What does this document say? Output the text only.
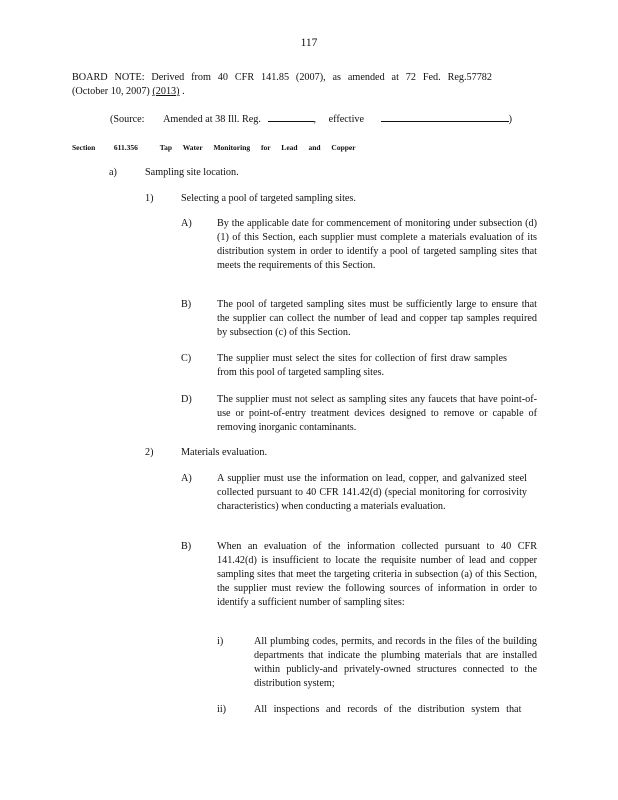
117
BOARD NOTE: Derived from 40 CFR 141.85 (2007), as amended at 72 Fed. Reg.57782
(October 10, 2007) (2013) .
(Source: Amended at 38 Ill. Reg.	, effective	)
Section 611.356	Tap Water Monitoring for Lead and Copper
a)	Sampling site location.
1)	Selecting a pool of targeted sampling sites.
A) By the applicable date for commencement of monitoring under subsection (d)(1) of this Section, each supplier must complete a materials evaluation of its distribution system in order to identify a pool of targeted sampling sites that meets the requirements of this Section.
B)	The pool of targeted sampling sites must be sufficiently large to ensure that the supplier can collect the number of lead and copper tap samples required by subsection (c) of this Section.
C)	The supplier must select the sites for collection of first draw samples from this pool of targeted sampling sites.
D) The supplier must not select as sampling sites any faucets that have point-of-use or point-of-entry treatment devices designed to remove or capable of removing inorganic contaminants.
2)	Materials evaluation.
A) A supplier must use the information on lead, copper, and galvanized steel collected pursuant to 40 CFR 141.42(d) (special monitoring for corrosivity characteristics) when conducting a materials evaluation.
B)	When an evaluation of the information collected pursuant to 40 CFR 141.42(d) is insufficient to locate the requisite number of lead and copper sampling sites that meet the targeting criteria in subsection (a) of this Section, the supplier must review the following sources of information in order to identify a sufficient number of sampling sites:
i)	All plumbing codes, permits, and records in the files of the building departments that indicate the plumbing materials that are installed within publicly-and privately-owned structures connected to the distribution system;
ii)	All inspections and records of the distribution system that
